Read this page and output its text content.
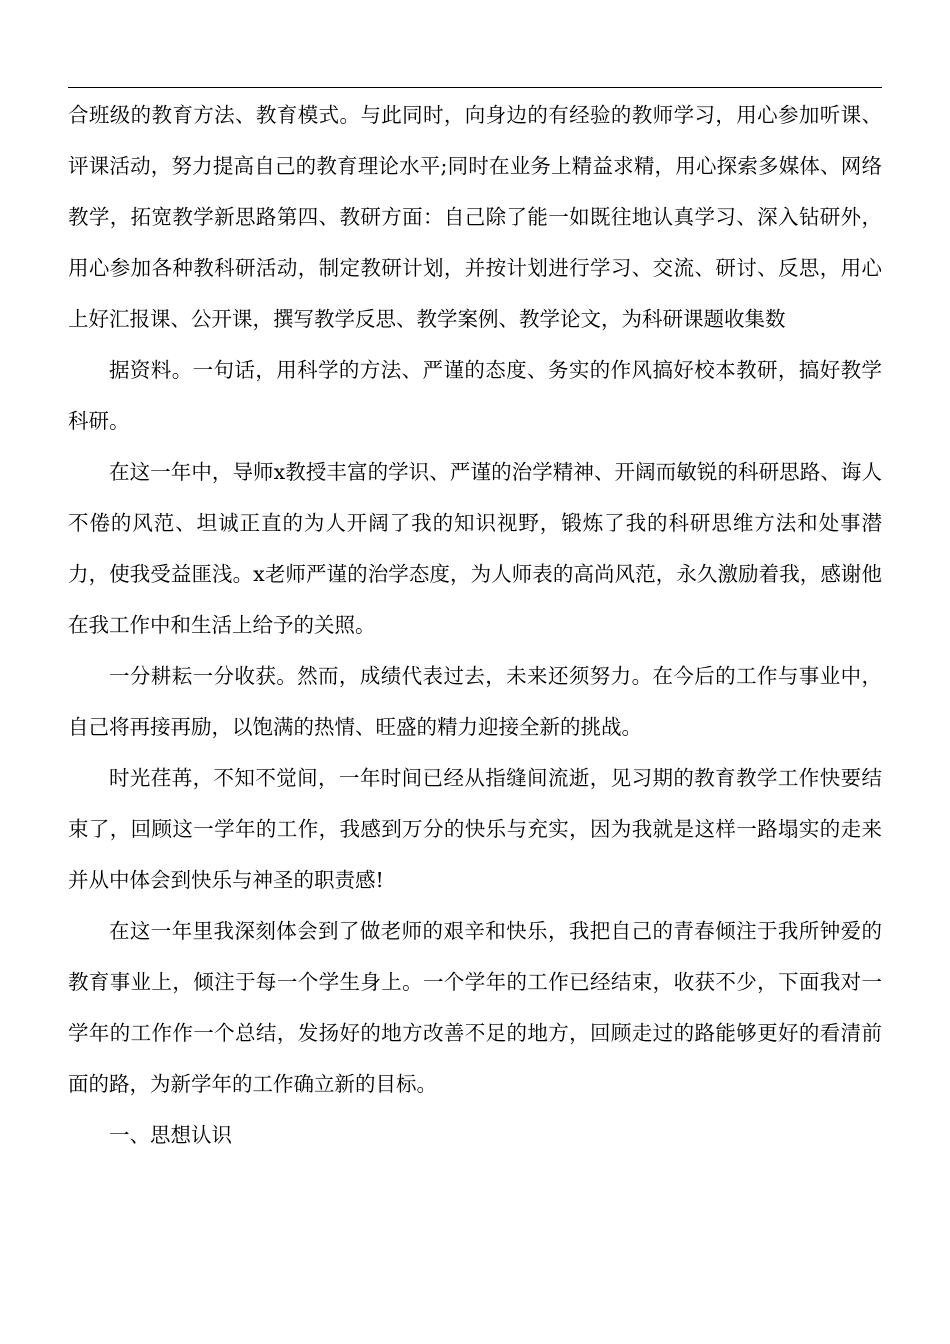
合班级的教育方法、教育模式。与此同时，向身边的有经验的教师学习，用心参加听课、评课活动，努力提高自己的教育理论水平;同时在业务上精益求精，用心探索多媒体、网络教学，拓宽教学新思路第四、教研方面：自己除了能一如既往地认真学习、深入钻研外，用心参加各种教科研活动，制定教研计划，并按计划进行学习、交流、研讨、反思，用心上好汇报课、公开课，撰写教学反思、教学案例、教学论文，为科研课题收集数

据资料。一句话，用科学的方法、严谨的态度、务实的作风搞好校本教研，搞好教学科研。

在这一年中，导师x教授丰富的学识、严谨的治学精神、开阔而敏锐的科研思路、诲人不倦的风范、坦诚正直的为人开阔了我的知识视野，锻炼了我的科研思维方法和处事潜力，使我受益匪浅。x老师严谨的治学态度，为人师表的高尚风范，永久激励着我，感谢他在我工作中和生活上给予的关照。

一分耕耘一分收获。然而，成绩代表过去，未来还须努力。在今后的工作与事业中，自己将再接再励，以饱满的热情、旺盛的精力迎接全新的挑战。

时光荏苒，不知不觉间，一年时间已经从指缝间流逝，见习期的教育教学工作快要结束了，回顾这一学年的工作，我感到万分的快乐与充实，因为我就是这样一路塌实的走来并从中体会到快乐与神圣的职责感!

在这一年里我深刻体会到了做老师的艰辛和快乐，我把自己的青春倾注于我所钟爱的教育事业上，倾注于每一个学生身上。一个学年的工作已经结束，收获不少，下面我对一学年的工作作一个总结，发扬好的地方改善不足的地方，回顾走过的路能够更好的看清前面的路，为新学年的工作确立新的目标。

一、思想认识
